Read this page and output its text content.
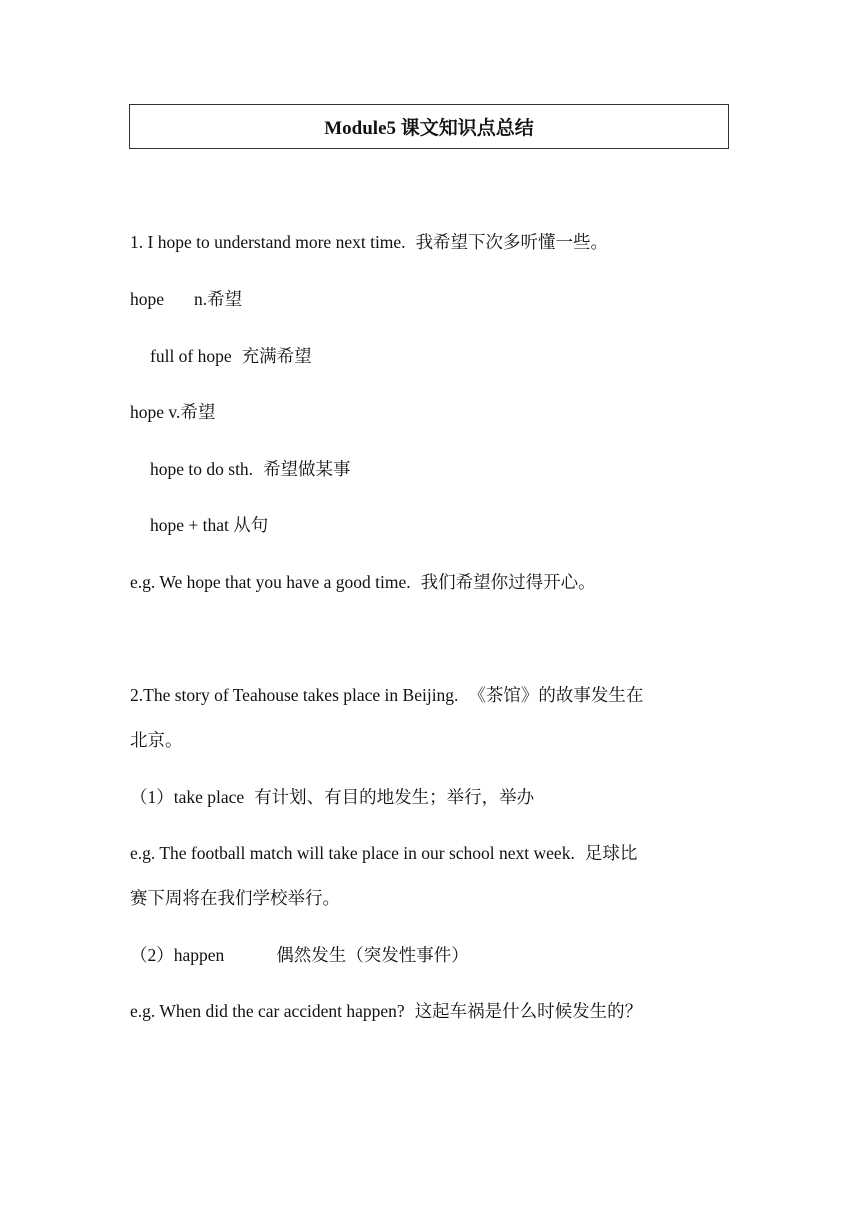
Module5 课文知识点总结
1. I hope to understand more next time. 我希望下次多听懂一些。
hope n.希望
full of hope 充满希望
hope v.希望
hope to do sth. 希望做某事
hope + that 从句
e.g. We hope that you have a good time. 我们希望你过得开心。
2.The story of Teahouse takes place in Beijing. 《茶馆》的故事发生在
北京。
（1）take place 有计划、有目的地发生；举行，举办
e.g. The football match will take place in our school next week. 足球比
赛下周将在我们学校举行。
（2）happen	偶然发生（突发性事件）
e.g. When did the car accident happen? 这起车祸是什么时候发生的？
